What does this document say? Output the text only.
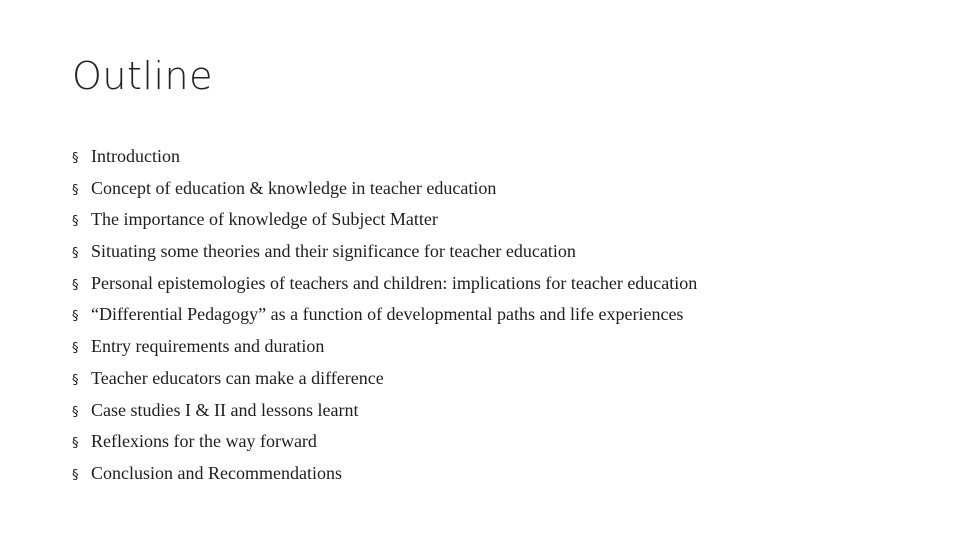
Outline
§ Introduction
§ Concept of education & knowledge in teacher education
§ The importance of knowledge of Subject Matter
§ Situating some theories and their significance for teacher education
§ Personal epistemologies of teachers and children: implications for teacher education
§ “Differential Pedagogy” as a function of developmental paths and life experiences
§ Entry requirements and duration
§ Teacher educators can make a difference
§ Case studies I & II and lessons learnt
§ Reflexions for the way forward
§ Conclusion and Recommendations
